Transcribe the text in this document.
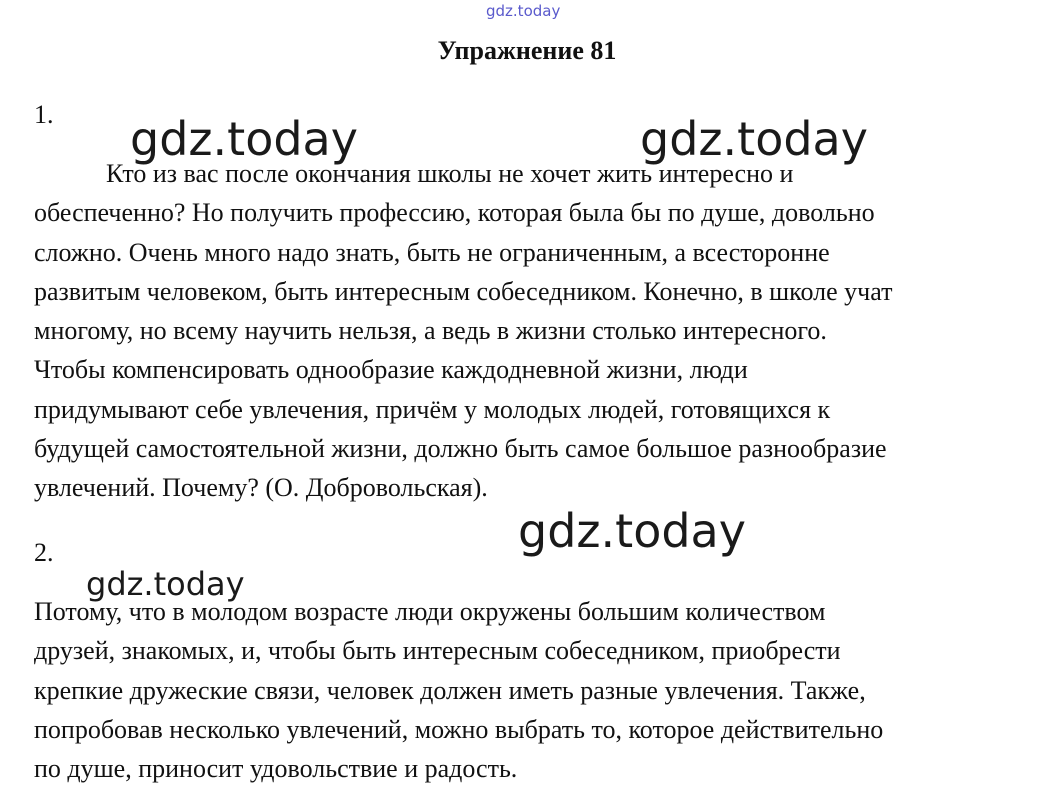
gdz.today
gdz.today	gdz.today
Упражнение 81
1.

Кто из вас после окончания школы не хочет жить интересно и
обеспеченно? Но получить профессию, которая была бы по душе, довольно
сложно. Очень много надо знать, быть не ограниченным, а всесторонне
развитым человеком, быть интересным собеседником. Конечно, в школе учат
многому, но всему научить нельзя, а ведь в жизни столько интересного.
Чтобы компенсировать однообразие каждодневной жизни, люди
придумывают себе увлечения, причём у молодых людей, готовящихся к
будущей самостоятельной жизни, должно быть самое большое разнообразие
увлечений. Почему? (О. Добровольская).

gdz.today
2.
gdz.today

Потому, что в молодом возрасте люди окружены большим количеством
друзей, знакомых, и, чтобы быть интересным собеседником, приобрести
крепкие дружеские связи, человек должен иметь разные увлечения. Также,
попробовав несколько увлечений, можно выбрать то, которое действительно
по душе, приносит удовольствие и радость.
